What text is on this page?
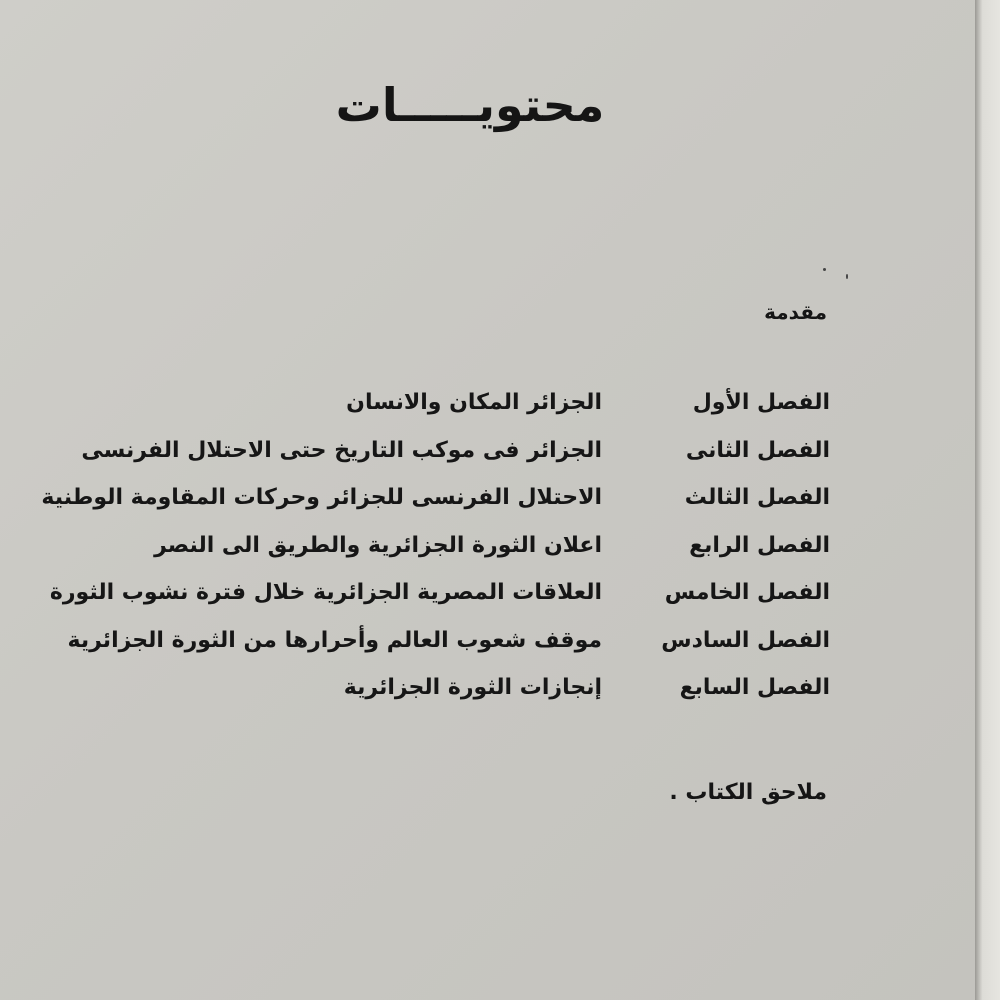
محتويـــــات
مقدمة
الفصل الأول
الجزائر المكان والانسان
الفصل الثانى
الجزائر فى موكب التاريخ حتى الاحتلال الفرنسى
الفصل الثالث
الاحتلال الفرنسى للجزائر وحركات المقاومة الوطنية
الفصل الرابع
اعلان الثورة الجزائرية والطريق الى النصر
الفصل الخامس
العلاقات المصرية الجزائرية خلال فترة نشوب الثورة
الفصل السادس
موقف شعوب العالم وأحرارها من الثورة الجزائرية
الفصل السابع
إنجازات الثورة الجزائرية
ملاحق الكتاب .
